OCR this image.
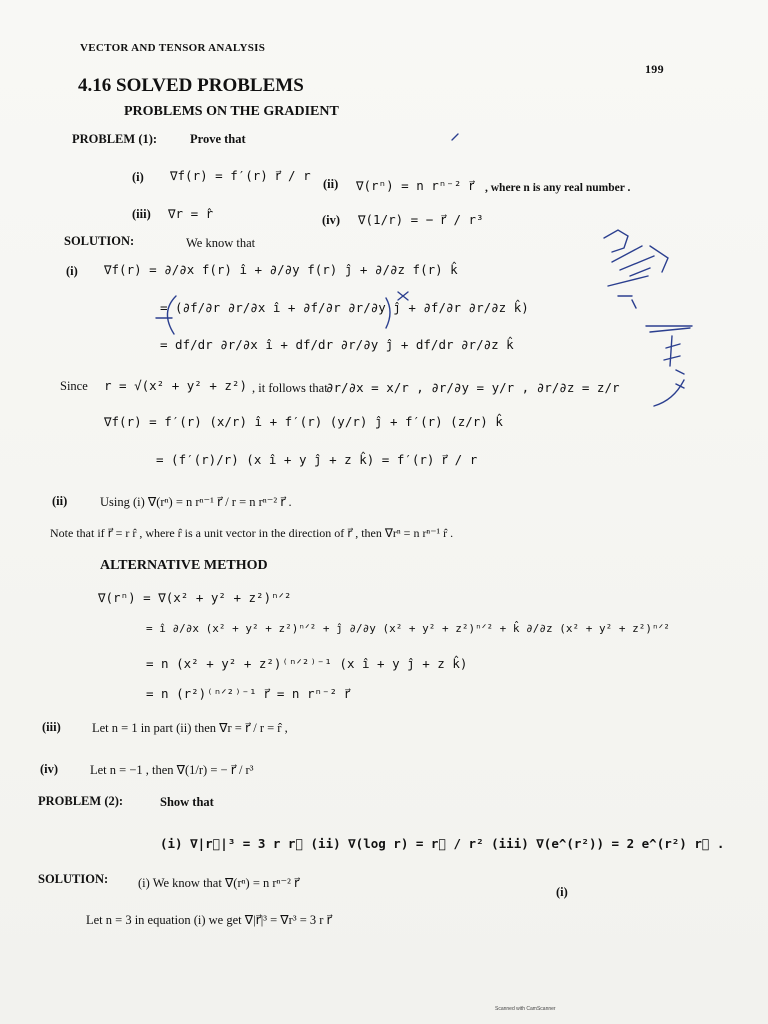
VECTOR AND TENSOR ANALYSIS
199
4.16 SOLVED PROBLEMS
PROBLEMS ON THE GRADIENT
PROBLEM (1):	Prove that
(i) ∇f(r) = f′(r) r⃗ / r
(ii) ∇(rⁿ) = n rⁿ⁻² r⃗ , where n is any real number .
(iii) ∇r = r̂	(iv) ∇(1/r) = − r⃗ / r³
SOLUTION:	We know that
(i) ∇f(r) = ∂/∂x f(r) î + ∂/∂y f(r) ĵ + ∂/∂z f(r) k̂
= (∂f/∂r ∂r/∂x î + ∂f/∂r ∂r/∂y ĵ + ∂f/∂r ∂r/∂z k̂)
= df/dr ∂r/∂x î + df/dr ∂r/∂y ĵ + df/dr ∂r/∂z k̂
Since r = √(x² + y² + z²) , it follows that
∂r/∂x = x/r , ∂r/∂y = y/r , ∂r/∂z = z/r
∇f(r) = f′(r) (x/r) î + f′(r) (y/r) ĵ + f′(r) (z/r) k̂
= (f′(r)/r) (x î + y ĵ + z k̂) = f′(r) r⃗ / r
(ii)	Using (i) ∇(rⁿ) = n rⁿ⁻¹ r⃗ / r = n rⁿ⁻² r⃗ .
Note that if r⃗ = r r̂ , where r̂ is a unit vector in the direction of r⃗ , then ∇rⁿ = n rⁿ⁻¹ r̂ .
ALTERNATIVE METHOD
∇(rⁿ) = ∇(x² + y² + z²)ⁿᐟ²
= î ∂/∂x (x² + y² + z²)ⁿᐟ² + ĵ ∂/∂y (x² + y² + z²)ⁿᐟ² + k̂ ∂/∂z (x² + y² + z²)ⁿᐟ²
= n (x² + y² + z²)⁽ⁿᐟ²⁾⁻¹ (x î + y ĵ + z k̂)
= n (r²)⁽ⁿᐟ²⁾⁻¹ r⃗ = n rⁿ⁻² r⃗
(iii)	Let n = 1 in part (ii) then ∇r = r⃗ / r = r̂ ,
(iv)	Let n = −1 , then ∇(1/r) = − r⃗ / r³
PROBLEM (2):	Show that
(i) ∇|r⃗|³ = 3 r r⃗ (ii) ∇(log r) = r⃗ / r² (iii) ∇(e^(r²)) = 2 e^(r²) r⃗ .
SOLUTION: (i) We know that ∇(rⁿ) = n rⁿ⁻² r⃗
(i)
Let n = 3 in equation (i) we get ∇|r⃗|³ = ∇r³ = 3 r r⃗
Scanned with CamScanner
